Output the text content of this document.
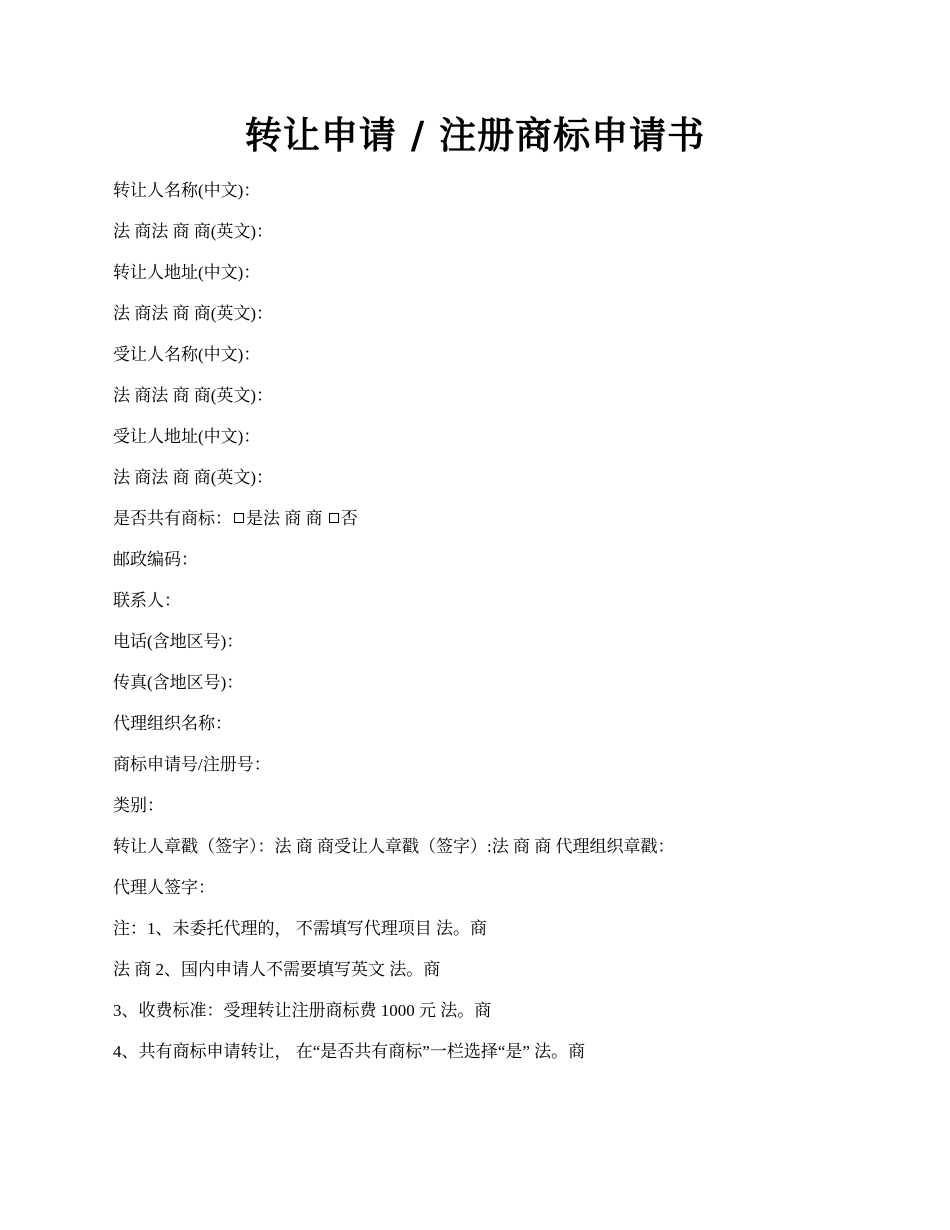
转让申请 / 注册商标申请书
转让人名称(中文)：
法 商法 商 商(英文)：
转让人地址(中文)：
法 商法 商 商(英文)：
受让人名称(中文)：
法 商法 商 商(英文)：
受让人地址(中文)：
法 商法 商 商(英文)：
是否共有商标： 是法 商 商 否
邮政编码：
联系人：
电话(含地区号)：
传真(含地区号)：
代理组织名称：
商标申请号/注册号：
类别：
转让人章戳（签字）：法 商 商受让人章戳（签字）:法 商 商 代理组织章戳：
代理人签字：
注：1、未委托代理的， 不需填写代理项目 法。商
法 商 2、国内申请人不需要填写英文 法。商
3、收费标准：受理转让注册商标费 1000 元 法。商
4、共有商标申请转让， 在“是否共有商标”一栏选择“是” 法。商
